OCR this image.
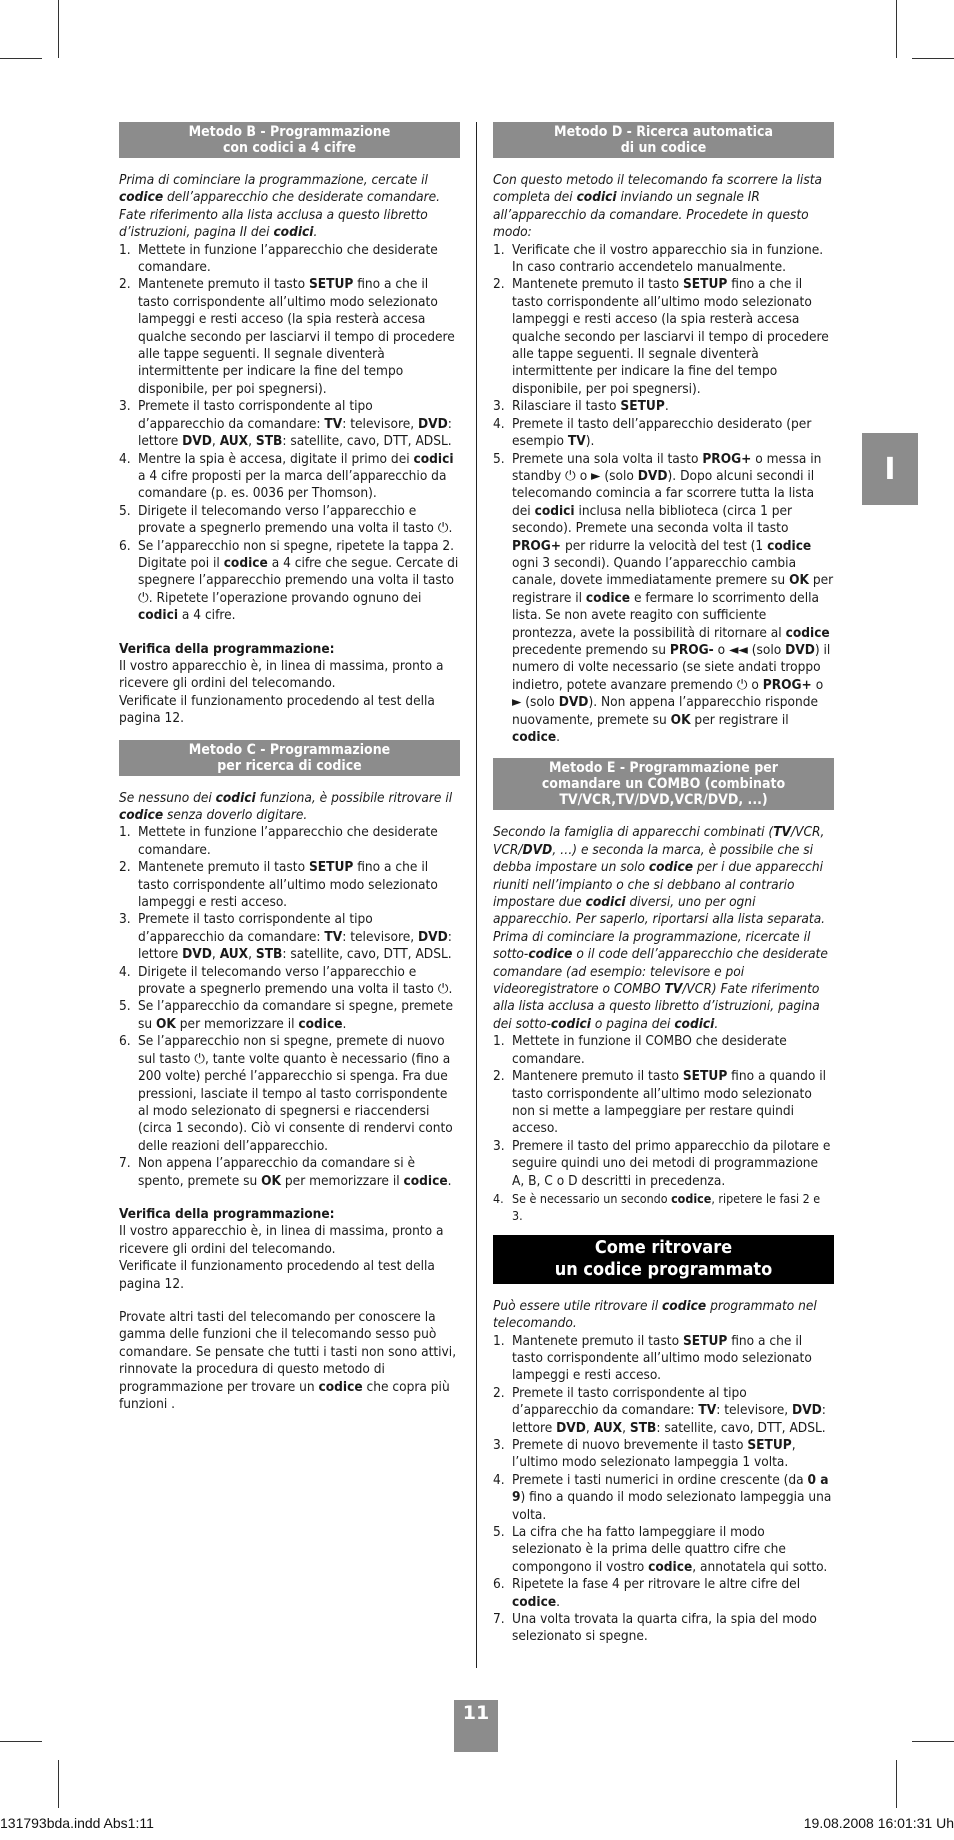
Metodo B - Programmazione
con codici a 4 cifre

Prima di cominciare la programmazione, cercate il codice dell’apparecchio che desiderate comandare. Fate riferimento alla lista acclusa a questo libretto d’istruzioni, pagina II dei codici.

1. Mettete in funzione l’apparecchio che desiderate comandare.
2. Mantenete premuto il tasto SETUP fino a che il tasto corrispondente all’ultimo modo selezionato lampeggi e resti acceso (la spia resterà accesa qualche secondo per lasciarvi il tempo di procedere alle tappe seguenti. Il segnale diventerà intermittente per indicare la fine del tempo disponibile, per poi spegnersi).
3. Premete il tasto corrispondente al tipo d’apparecchio da comandare: TV: televisore, DVD: lettore DVD, AUX, STB: satellite, cavo, DTT, ADSL.
4. Mentre la spia è accesa, digitate il primo dei codici a 4 cifre proposti per la marca dell’apparecchio da comandare (p. es. 0036 per Thomson).
5. Dirigete il telecomando verso l’apparecchio e provate a spegnerlo premendo una volta il tasto ⏻.
6. Se l’apparecchio non si spegne, ripetete la tappa 2. Digitate poi il codice a 4 cifre che segue. Cercate di spegnere l’apparecchio premendo una volta il tasto ⏻. Ripetete l’operazione provando ognuno dei codici a 4 cifre.

Verifica della programmazione:

Il vostro apparecchio è, in linea di massima, pronto a ricevere gli ordini del telecomando.

Verificate il funzionamento procedendo al test della pagina 12.

Metodo C - Programmazione
per ricerca di codice

Se nessuno dei codici funziona, è possibile ritrovare il codice senza doverlo digitare.

1. Mettete in funzione l’apparecchio che desiderate comandare.
2. Mantenete premuto il tasto SETUP fino a che il tasto corrispondente all’ultimo modo selezionato lampeggi e resti acceso.
3. Premete il tasto corrispondente al tipo d’apparecchio da comandare: TV: televisore, DVD: lettore DVD, AUX, STB: satellite, cavo, DTT, ADSL.
4. Dirigete il telecomando verso l’apparecchio e provate a spegnerlo premendo una volta il tasto ⏻.
5. Se l’apparecchio da comandare si spegne, premete su OK per memorizzare il codice.
6. Se l’apparecchio non si spegne, premete di nuovo sul tasto ⏻, tante volte quanto è necessario (fino a 200 volte) perché l’apparecchio si spenga. Fra due pressioni, lasciate il tempo al tasto corrispondente al modo selezionato di spegnersi e riaccendersi (circa 1 secondo). Ciò vi consente di rendervi conto delle reazioni dell’apparecchio.
7. Non appena l’apparecchio da comandare si è spento, premete su OK per memorizzare il codice.

Verifica della programmazione:

Il vostro apparecchio è, in linea di massima, pronto a ricevere gli ordini del telecomando.

Verificate il funzionamento procedendo al test della pagina 12.

Provate altri tasti del telecomando per conoscere la gamma delle funzioni che il telecomando sesso può comandare. Se pensate che tutti i tasti non sono attivi, rinnovate la procedura di questo metodo di programmazione per trovare un codice che copra più funzioni .

Metodo D - Ricerca automatica
di un codice

Con questo metodo il telecomando fa scorrere la lista completa dei codici inviando un segnale IR all’apparecchio da comandare. Procedete in questo modo:

1. Verificate che il vostro apparecchio sia in funzione. In caso contrario accendetelo manualmente.
2. Mantenete premuto il tasto SETUP fino a che il tasto corrispondente all’ultimo modo selezionato lampeggi e resti acceso (la spia resterà accesa qualche secondo per lasciarvi il tempo di procedere alle tappe seguenti. Il segnale diventerà intermittente per indicare la fine del tempo disponibile, per poi spegnersi).
3. Rilasciare il tasto SETUP.
4. Premete il tasto dell’apparecchio desiderato (per esempio TV).
5. Premete una sola volta il tasto PROG+ o messa in standby ⏻ o ► (solo DVD). Dopo alcuni secondi il telecomando comincia a far scorrere tutta la lista dei codici inclusa nella biblioteca (circa 1 per secondo). Premete una seconda volta il tasto PROG+ per ridurre la velocità del test (1 codice ogni 3 secondi). Quando l’apparecchio cambia canale, dovete immediatamente premere su OK per registrare il codice e fermare lo scorrimento della lista. Se non avete reagito con sufficiente prontezza, avete la possibilità di ritornare al codice precedente premendo su PROG- o ◄◄ (solo DVD) il numero di volte necessario (se siete andati troppo indietro, potete avanzare premendo ⏻ o PROG+ o ► (solo DVD). Non appena l’apparecchio risponde nuovamente, premete su OK per registrare il codice.
Metodo E - Programmazione per
comandare un COMBO (combinato
TV/VCR,TV/DVD,VCR/DVD, ...)

Secondo la famiglia di apparecchi combinati (TV/VCR, VCR/DVD, …) e seconda la marca, è possibile che si debba impostare un solo codice per i due apparecchi riuniti nell’impianto o che si debbano al contrario impostare due codici diversi, uno per ogni apparecchio. Per saperlo, riportarsi alla lista separata. Prima di cominciare la programmazione, ricercate il sotto-codice o il code dell’apparecchio che desiderate comandare (ad esempio: televisore e poi videoregistratore o COMBO TV/VCR) Fate riferimento alla lista acclusa a questo libretto d’istruzioni, pagina dei sotto-codici o pagina dei codici.

1. Mettete in funzione il COMBO che desiderate comandare.
2. Mantenere premuto il tasto SETUP fino a quando il tasto corrispondente all’ultimo modo selezionato non si mette a lampeggiare per restare quindi acceso.
3. Premere il tasto del primo apparecchio da pilotare e seguire quindi uno dei metodi di programmazione A, B, C o D descritti in precedenza.
4. Se è necessario un secondo codice, ripetere le fasi 2 e 3.
Come ritrovare
un codice programmato

Può essere utile ritrovare il codice programmato nel telecomando.

1. Mantenete premuto il tasto SETUP fino a che il tasto corrispondente all’ultimo modo selezionato lampeggi e resti acceso.
2. Premete il tasto corrispondente al tipo d’apparecchio da comandare: TV: televisore, DVD: lettore DVD, AUX, STB: satellite, cavo, DTT, ADSL.
3. Premete di nuovo brevemente il tasto SETUP, l’ultimo modo selezionato lampeggia 1 volta.
4. Premete i tasti numerici in ordine crescente (da 0 a 9) fino a quando il modo selezionato lampeggia una volta.
5. La cifra che ha fatto lampeggiare il modo selezionato è la prima delle quattro cifre che compongono il vostro codice, annotatela qui sotto.
6. Ripetete la fase 4 per ritrovare le altre cifre del codice.
7. Una volta trovata la quarta cifra, la spia del modo selezionato si spegne.
I
11
131793bda.indd Abs1:11	19.08.2008 16:01:31 Uh
